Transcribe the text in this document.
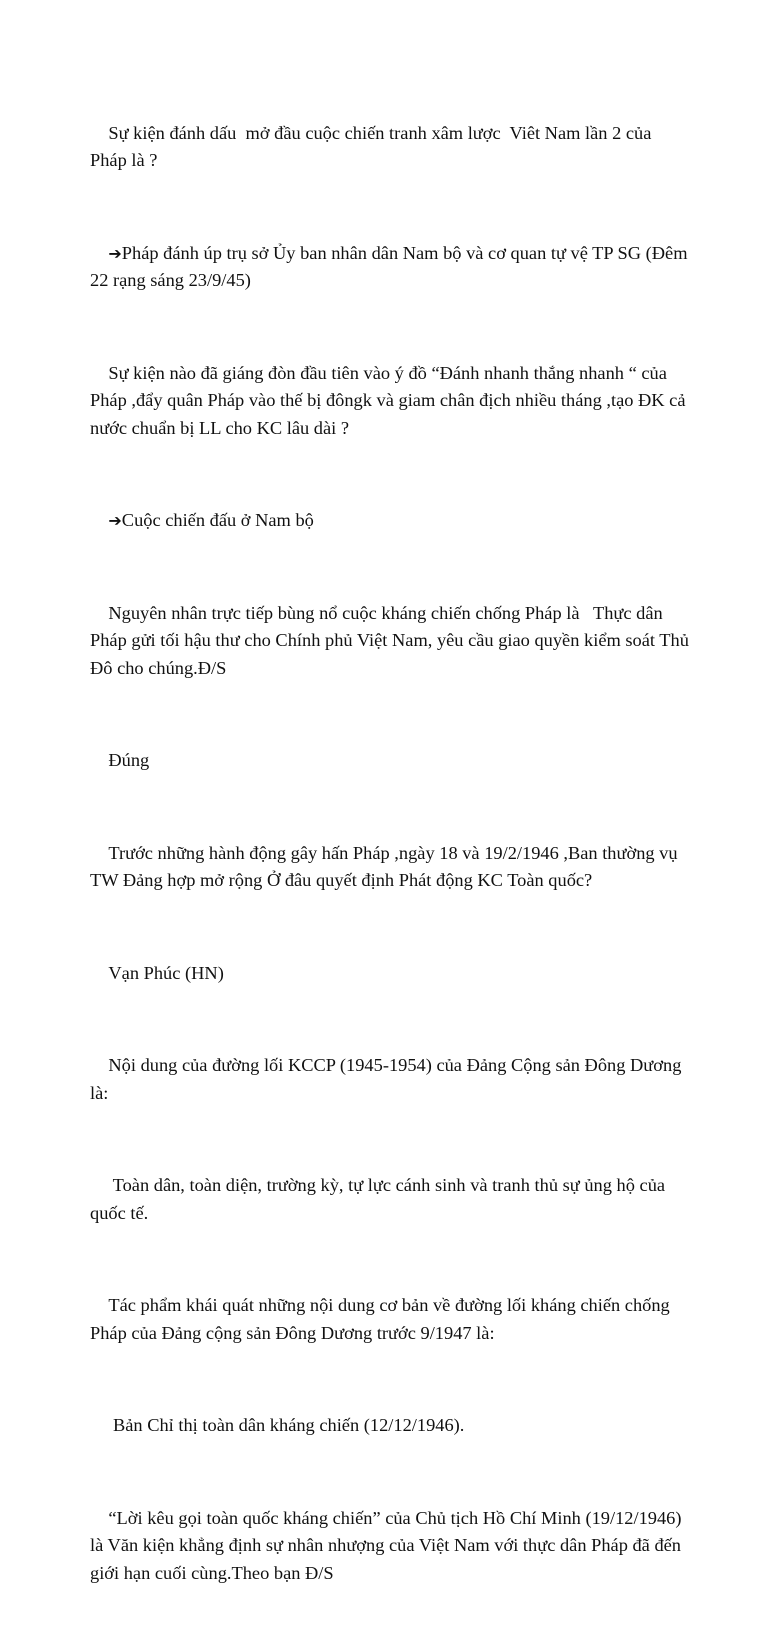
Sự kiện đánh dấu  mở đầu cuộc chiến tranh xâm lược  Viêt Nam lần 2 của Pháp là ?

➔Pháp đánh úp trụ sở Ủy ban nhân dân Nam bộ và cơ quan tự vệ TP SG (Đêm 22 rạng sáng 23/9/45)

Sự kiện nào đã giáng đòn đầu tiên vào ý đồ “Đánh nhanh thắng nhanh “ của Pháp ,đẩy quân Pháp vào thế bị đôngk và giam chân địch nhiều tháng ,tạo ĐK cả nước chuẩn bị LL cho KC lâu dài ?

➔Cuộc chiến đấu ở Nam bộ

Nguyên nhân trực tiếp bùng nổ cuộc kháng chiến chống Pháp là   Thực dân Pháp gửi tối hậu thư cho Chính phủ Việt Nam, yêu cầu giao quyền kiểm soát Thủ Đô cho chúng.Đ/S

Đúng

Trước những hành động gây hấn Pháp ,ngày 18 và 19/2/1946 ,Ban thường vụ TW Đảng hợp mở rộng Ở đâu quyết định Phát động KC Toàn quốc?

Vạn Phúc (HN)

Nội dung của đường lối KCCP (1945-1954) của Đảng Cộng sản Đông Dương là:

Toàn dân, toàn diện, trường kỳ, tự lực cánh sinh và tranh thủ sự ủng hộ của quốc tế.

Tác phẩm khái quát những nội dung cơ bản về đường lối kháng chiến chống Pháp của Đảng cộng sản Đông Dương trước 9/1947 là:

Bản Chỉ thị toàn dân kháng chiến (12/12/1946).

“Lời kêu gọi toàn quốc kháng chiến” của Chủ tịch Hồ Chí Minh (19/12/1946) là Văn kiện khẳng định sự nhân nhượng của Việt Nam với thực dân Pháp đã đến giới hạn cuối cùng.Theo bạn Đ/S
